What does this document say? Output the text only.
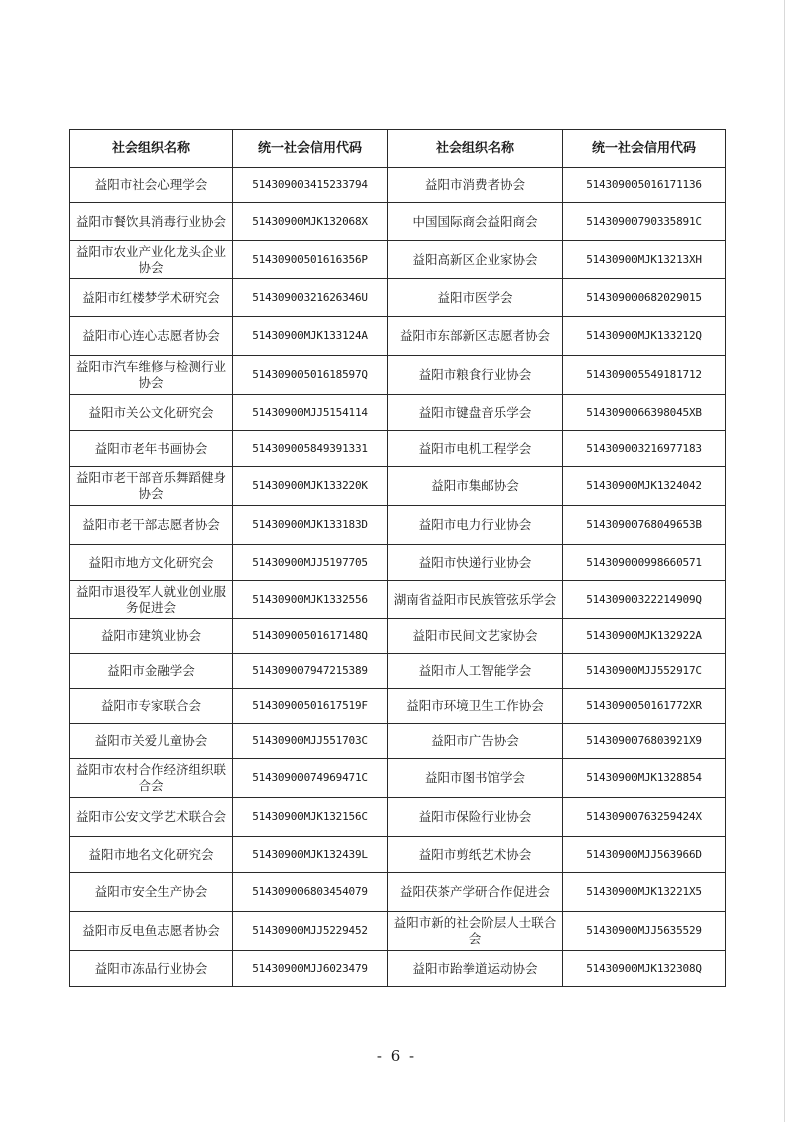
社会组织名称	统一社会信用代码	社会组织名称	统一社会信用代码
益阳市社会心理学会	514309003415233794	益阳市消费者协会	514309005016171136
益阳市餐饮具消毒行业协会	51430900MJK132068X	中国国际商会益阳商会	514309007903358​91C
益阳市农业产业化龙头企业协会	514309005016163​56P	益阳高新区企业家协会	51430900MJK13213XH
益阳市红楼梦学术研究会	514309003216263​46U	益阳市医学会	514309000682029015
益阳市心连心志愿者协会	51430900MJK133124A	益阳市东部新区志愿者协会	51430900MJK133212Q
益阳市汽车维修与检测行业协会	514309005016185​97Q	益阳市粮食行业协会	514309005549181712
益阳市关公文化研究会	51430900MJJ5154114	益阳市键盘音乐学会	51430900663980​45XB
益阳市老年书画协会	514309005849391331	益阳市电机工程学会	514309003216977183
益阳市老干部音乐舞蹈健身协会	51430900MJK133220K	益阳市集邮协会	51430900MJK1324042
益阳市老干部志愿者协会	51430900MJK133183D	益阳市电力行业协会	514309007680496​53B
益阳市地方文化研究会	51430900MJJ5197705	益阳市快递行业协会	514309000998660571
益阳市退役军人就业创业服务促进会	51430900MJK1332556	湖南省益阳市民族管弦乐学会	514309003222149​09Q
益阳市建筑业协会	514309005016171​48Q	益阳市民间文艺家协会	51430900MJK132922A
益阳市金融学会	514309007947215389	益阳市人工智能学会	51430900MJJ552917C
益阳市专家联合会	514309005016175​19F	益阳市环境卫生工作协会	51430900501617​72XR
益阳市关爱儿童协会	51430900MJJ551703C	益阳市广告协会	51430900768039​21X9
益阳市农村合作经济组织联合会	514309000749694​71C	益阳市图书馆学会	51430900MJK1328854
益阳市公安文学艺术联合会	51430900MJK132156C	益阳市保险行业协会	514309007632594​24X
益阳市地名文化研究会	51430900MJK132439L	益阳市剪纸艺术协会	51430900MJJ563966D
益阳市安全生产协会	514309006803454079	益阳茯茶产学研合作促进会	51430900MJK13221X5
益阳市反电鱼志愿者协会	51430900MJJ5229452	益阳市新的社会阶层人士联合会	51430900MJJ5635529
益阳市冻品行业协会	51430900MJJ6023479	益阳市跆拳道运动协会	51430900MJK132308Q
- 6 -
